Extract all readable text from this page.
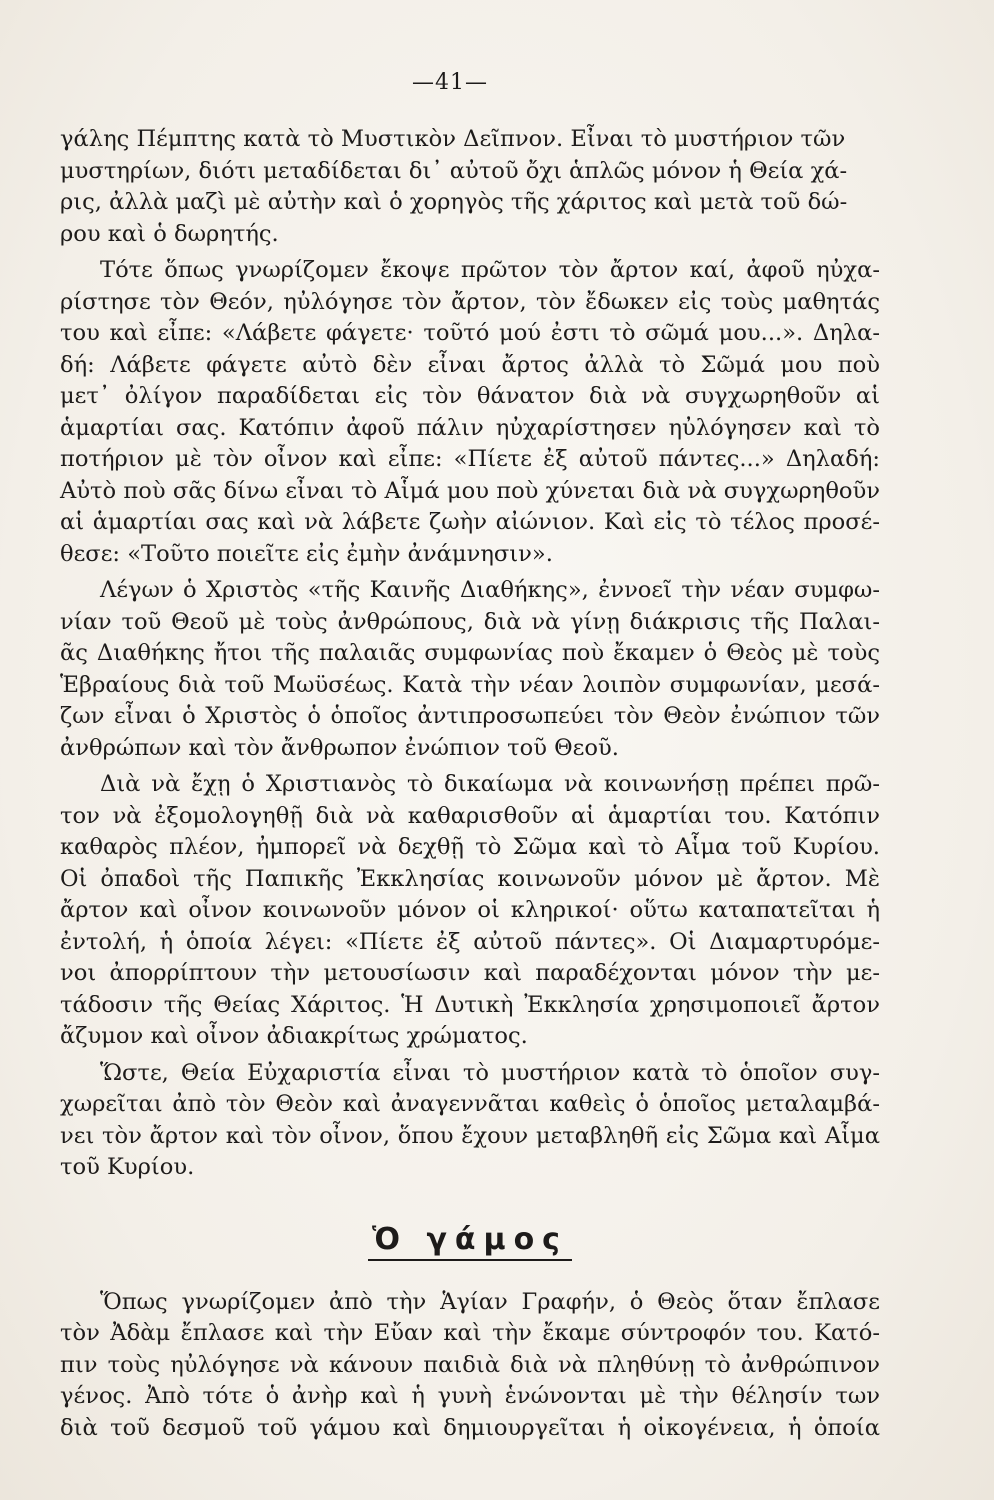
—41—
γάλης Πέμπτης κατὰ τὸ Μυστικὸν Δεῖπνον. Εἶναι τὸ μυστήριον τῶν
μυστηρίων, διότι μεταδίδεται δι᾽ αὐτοῦ ὄχι ἁπλῶς μόνον ἡ Θεία χά-
ρις, ἀλλὰ μαζὶ μὲ αὐτὴν καὶ ὁ χορηγὸς τῆς χάριτος καὶ μετὰ τοῦ δώ-
ρου καὶ ὁ δωρητής.
Τότε ὅπως γνωρίζομεν ἔκοψε πρῶτον τὸν ἄρτον καί, ἀφοῦ ηὐχα-
ρίστησε τὸν Θεόν, ηὐλόγησε τὸν ἄρτον, τὸν ἔδωκεν εἰς τοὺς μαθητάς
του καὶ εἶπε: «Λάβετε φάγετε· τοῦτό μού ἐστι τὸ σῶμά μου...». Δηλα-
δή: Λάβετε φάγετε αὐτὸ δὲν εἶναι ἄρτος ἀλλὰ τὸ Σῶμά μου ποὺ
μετ᾽ ὀλίγον παραδίδεται εἰς τὸν θάνατον διὰ νὰ συγχωρηθοῦν αἱ
ἁμαρτίαι σας. Κατόπιν ἀφοῦ πάλιν ηὐχαρίστησεν ηὐλόγησεν καὶ τὸ
ποτήριον μὲ τὸν οἶνον καὶ εἶπε: «Πίετε ἐξ αὐτοῦ πάντες...» Δηλαδή:
Αὐτὸ ποὺ σᾶς δίνω εἶναι τὸ Αἷμά μου ποὺ χύνεται διὰ νὰ συγχωρηθοῦν
αἱ ἁμαρτίαι σας καὶ νὰ λάβετε ζωὴν αἰώνιον. Καὶ εἰς τὸ τέλος προσέ-
θεσε: «Τοῦτο ποιεῖτε εἰς ἐμὴν ἀνάμνησιν».
Λέγων ὁ Χριστὸς «τῆς Καινῆς Διαθήκης», ἐννοεῖ τὴν νέαν συμφω-
νίαν τοῦ Θεοῦ μὲ τοὺς ἀνθρώπους, διὰ νὰ γίνῃ διάκρισις τῆς Παλαι-
ᾶς Διαθήκης ἤτοι τῆς παλαιᾶς συμφωνίας ποὺ ἔκαμεν ὁ Θεὸς μὲ τοὺς
Ἑβραίους διὰ τοῦ Μωϋσέως. Κατὰ τὴν νέαν λοιπὸν συμφωνίαν, μεσά-
ζων εἶναι ὁ Χριστὸς ὁ ὁποῖος ἀντιπροσωπεύει τὸν Θεὸν ἐνώπιον τῶν
ἀνθρώπων καὶ τὸν ἄνθρωπον ἐνώπιον τοῦ Θεοῦ.
Διὰ νὰ ἔχῃ ὁ Χριστιανὸς τὸ δικαίωμα νὰ κοινωνήσῃ πρέπει πρῶ-
τον νὰ ἐξομολογηθῇ διὰ νὰ καθαρισθοῦν αἱ ἁμαρτίαι του. Κατόπιν
καθαρὸς πλέον, ἠμπορεῖ νὰ δεχθῇ τὸ Σῶμα καὶ τὸ Αἷμα τοῦ Κυρίου.
Οἱ ὀπαδοὶ τῆς Παπικῆς Ἐκκλησίας κοινωνοῦν μόνον μὲ ἄρτον. Μὲ
ἄρτον καὶ οἶνον κοινωνοῦν μόνον οἱ κληρικοί· οὕτω καταπατεῖται ἡ
ἐντολή, ἡ ὁποία λέγει: «Πίετε ἐξ αὐτοῦ πάντες». Οἱ Διαμαρτυρόμε-
νοι ἀπορρίπτουν τὴν μετουσίωσιν καὶ παραδέχονται μόνον τὴν με-
τάδοσιν τῆς Θείας Χάριτος. Ἡ Δυτικὴ Ἐκκλησία χρησιμοποιεῖ ἄρτον
ἄζυμον καὶ οἶνον ἀδιακρίτως χρώματος.
Ὥστε, Θεία Εὐχαριστία εἶναι τὸ μυστήριον κατὰ τὸ ὁποῖον συγ-
χωρεῖται ἀπὸ τὸν Θεὸν καὶ ἀναγεννᾶται καθεὶς ὁ ὁποῖος μεταλαμβά-
νει τὸν ἄρτον καὶ τὸν οἶνον, ὅπου ἔχουν μεταβληθῆ εἰς Σῶμα καὶ Αἷμα
τοῦ Κυρίου.
Ὁ γάμος
Ὅπως γνωρίζομεν ἀπὸ τὴν Ἁγίαν Γραφήν, ὁ Θεὸς ὅταν ἔπλασε
τὸν Ἀδὰμ ἔπλασε καὶ τὴν Εὔαν καὶ τὴν ἔκαμε σύντροφόν του. Κατό-
πιν τοὺς ηὐλόγησε νὰ κάνουν παιδιὰ διὰ νὰ πληθύνῃ τὸ ἀνθρώπινον
γένος. Ἀπὸ τότε ὁ ἀνὴρ καὶ ἡ γυνὴ ἑνώνονται μὲ τὴν θέλησίν των
διὰ τοῦ δεσμοῦ τοῦ γάμου καὶ δημιουργεῖται ἡ οἰκογένεια, ἡ ὁποία
